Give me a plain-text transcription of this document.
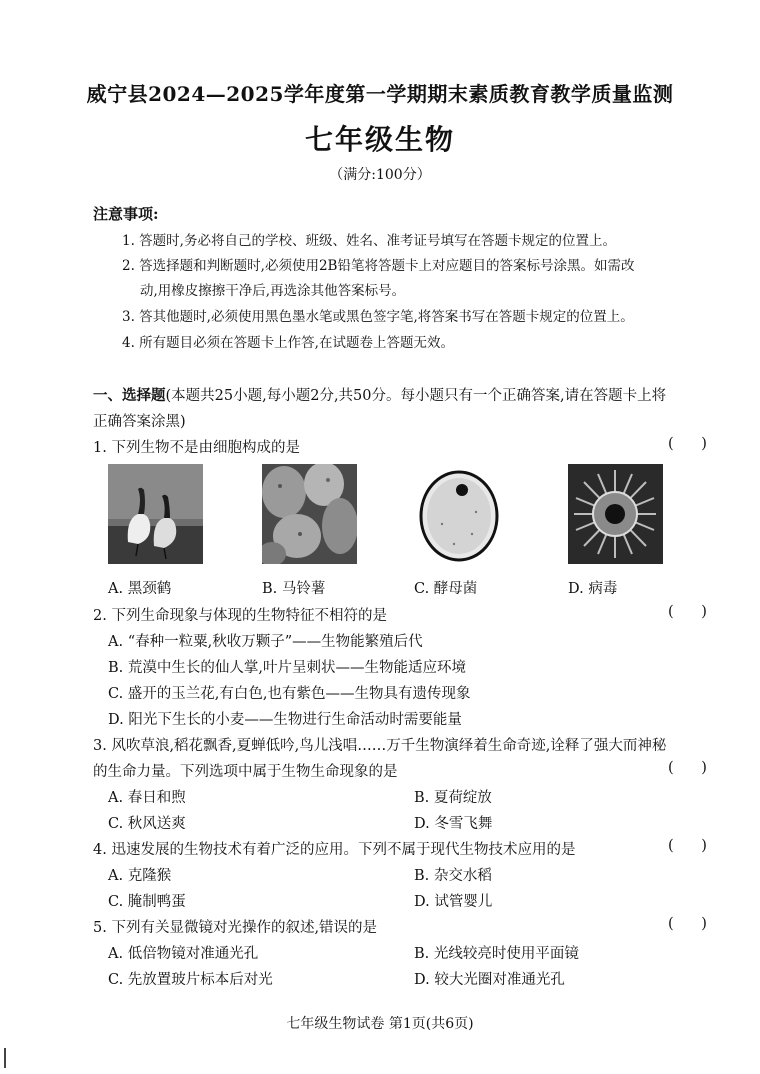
威宁县2024—2025学年度第一学期期末素质教育教学质量监测
七年级生物
（满分:100分）
注意事项:
1. 答题时,务必将自己的学校、班级、姓名、准考证号填写在答题卡规定的位置上。
2. 答选择题和判断题时,必须使用2B铅笔将答题卡上对应题目的答案标号涂黑。如需改
动,用橡皮擦擦干净后,再选涂其他答案标号。
3. 答其他题时,必须使用黑色墨水笔或黑色签字笔,将答案书写在答题卡规定的位置上。
4. 所有题目必须在答题卡上作答,在试题卷上答题无效。
一、选择题(本题共25小题,每小题2分,共50分。每小题只有一个正确答案,请在答题卡上将
正确答案涂黑)
1. 下列生物不是由细胞构成的是	(      )
A. 黑颈鹤	B. 马铃薯	C. 酵母菌	D. 病毒
2. 下列生命现象与体现的生物特征不相符的是	(      )
A. “春种一粒粟,秋收万颗子”——生物能繁殖后代
B. 荒漠中生长的仙人掌,叶片呈刺状——生物能适应环境
C. 盛开的玉兰花,有白色,也有紫色——生物具有遗传现象
D. 阳光下生长的小麦——生物进行生命活动时需要能量
3. 风吹草浪,稻花飘香,夏蝉低吟,鸟儿浅唱……万千生物演绎着生命奇迹,诠释了强大而神秘
的生命力量。下列选项中属于生物生命现象的是	(      )
A. 春日和煦	B. 夏荷绽放
C. 秋风送爽	D. 冬雪飞舞
4. 迅速发展的生物技术有着广泛的应用。下列不属于现代生物技术应用的是	(      )
A. 克隆猴	B. 杂交水稻
C. 腌制鸭蛋	D. 试管婴儿
5. 下列有关显微镜对光操作的叙述,错误的是	(      )
A. 低倍物镜对准通光孔	B. 光线较亮时使用平面镜
C. 先放置玻片标本后对光	D. 较大光圈对准通光孔
七年级生物试卷 第1页(共6页)
